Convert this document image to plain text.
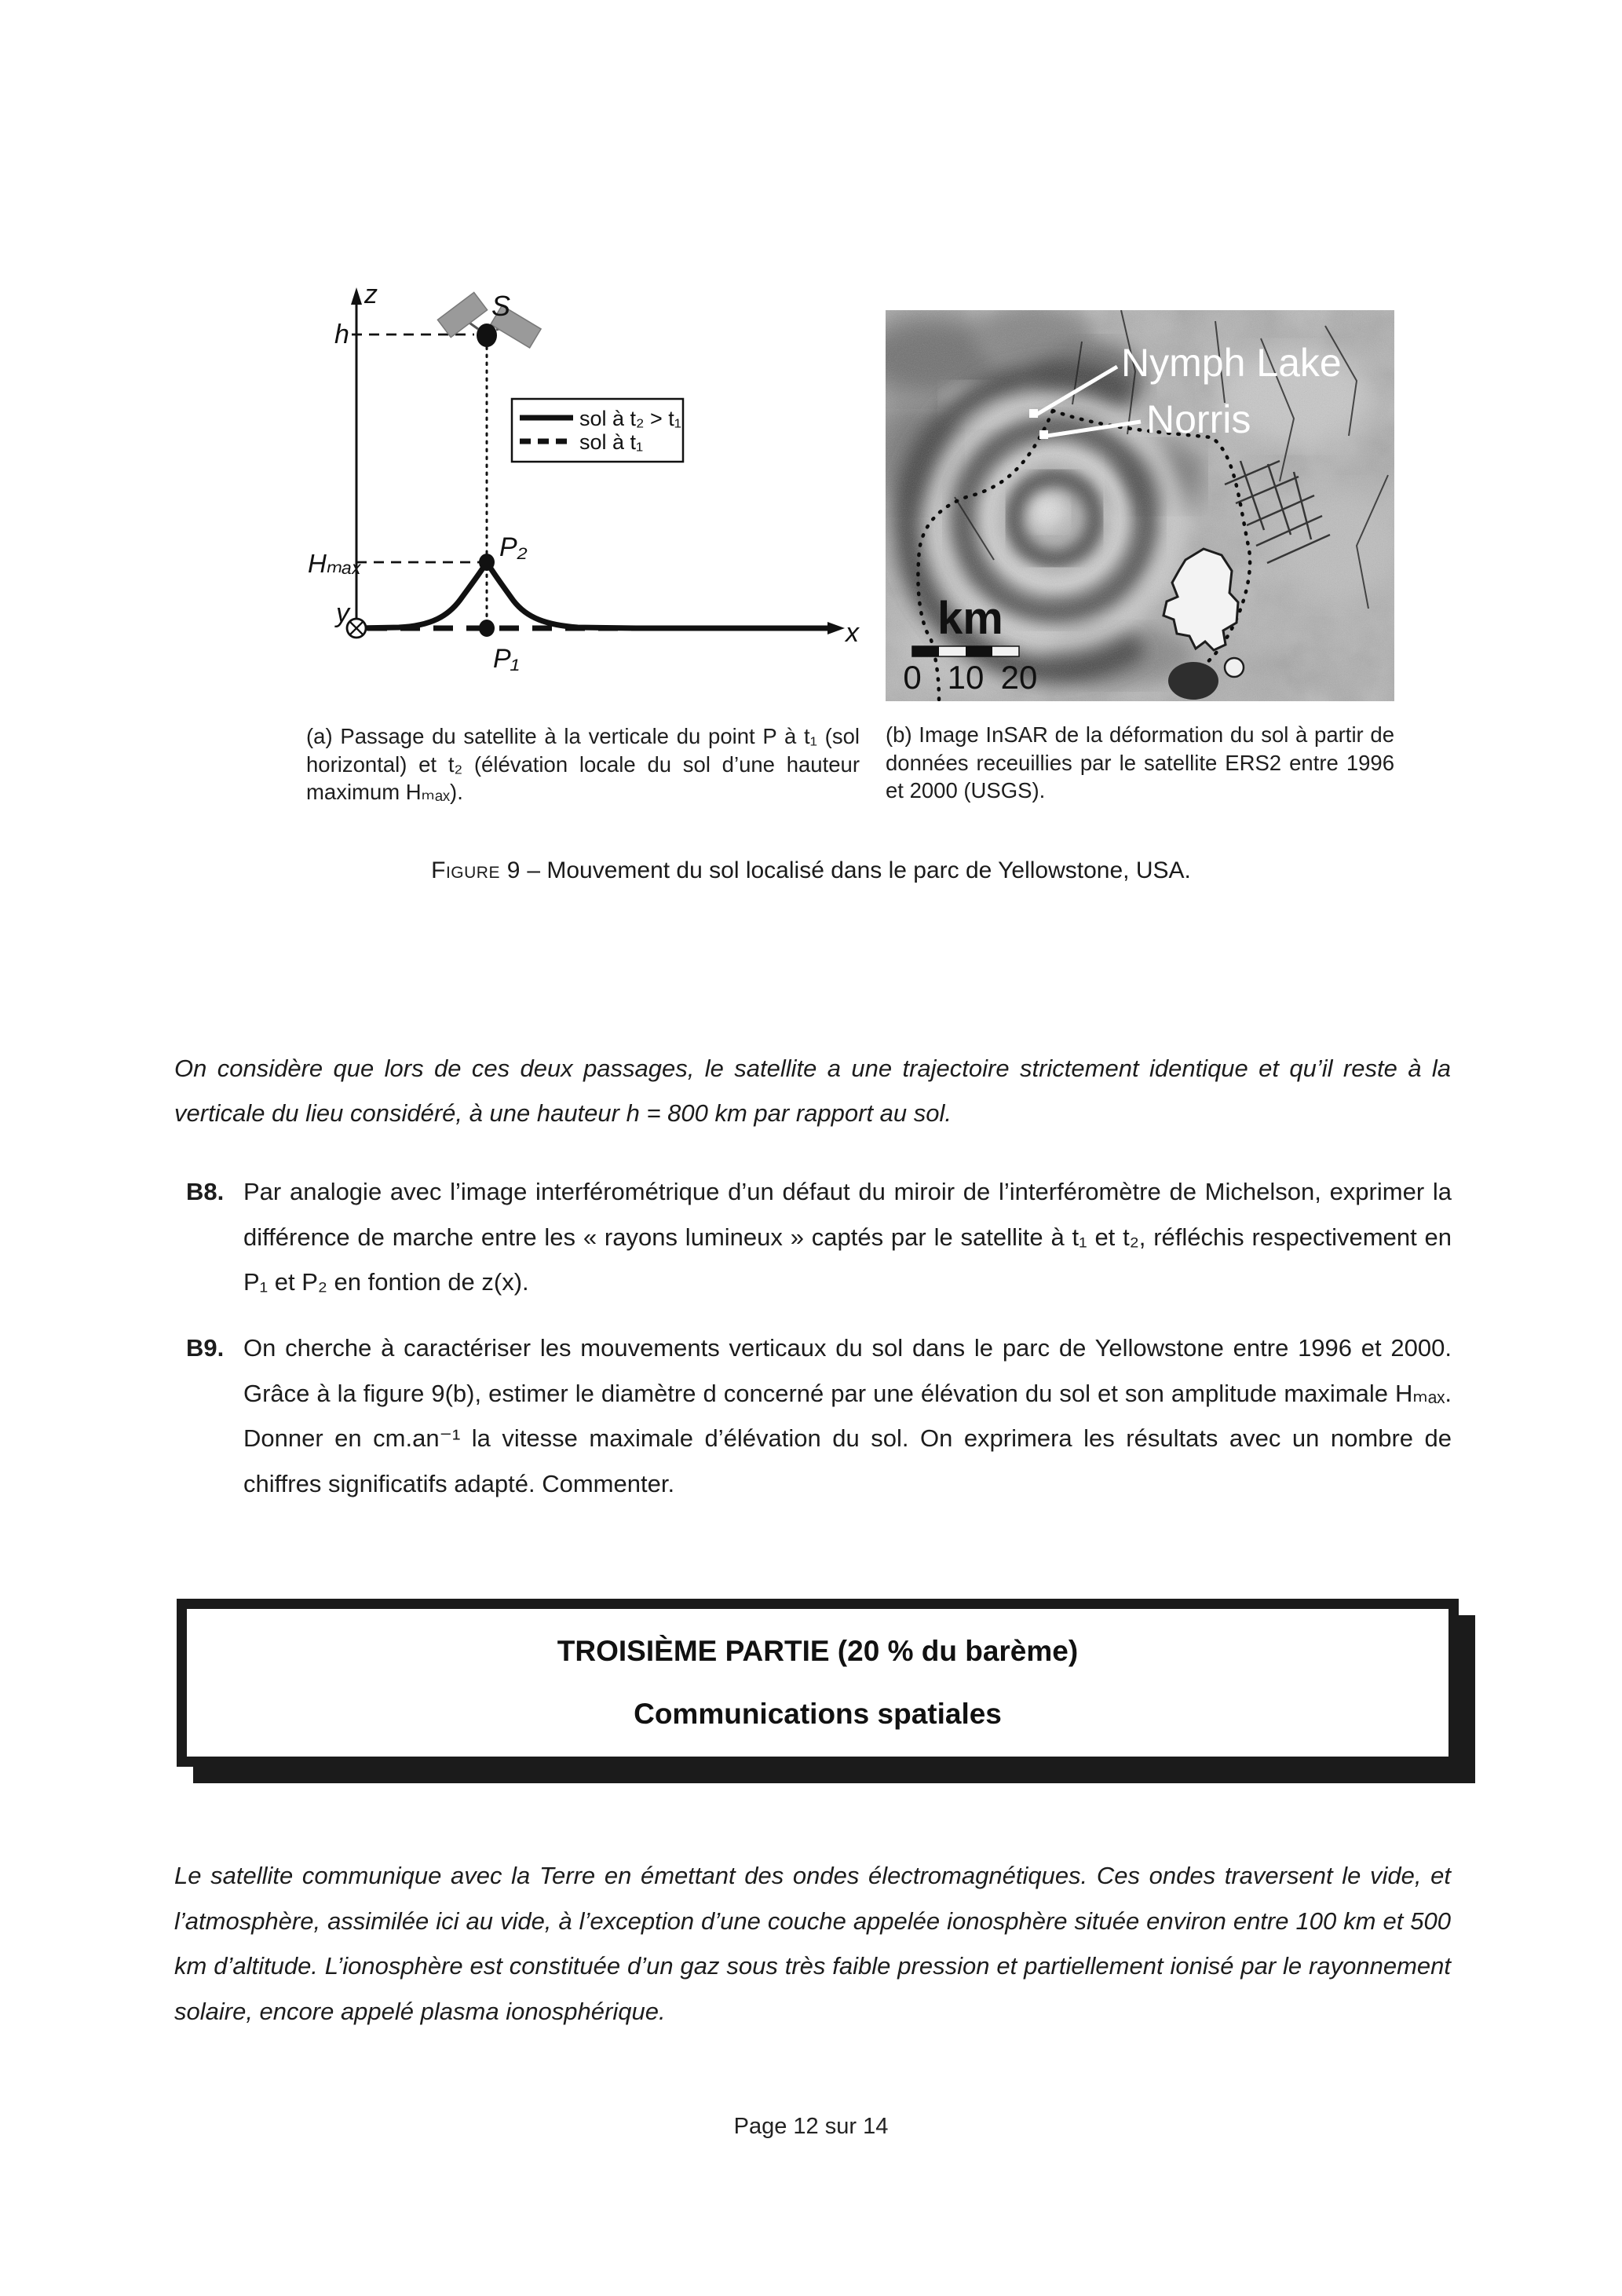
z
h
S
sol à t₂ > t₁
sol à t₁
Hₘₐₓ
x
P₂
P₁
y
(a) Passage du satellite à la verticale du point P à t₁ (sol horizontal) et t₂ (élévation locale du sol d’une hauteur maximum Hₘₐₓ).
Nymph Lake
Norris
km
0 10 20
(b) Image InSAR de la déformation du sol à partir de données receuillies par le satellite ERS2 entre 1996 et 2000 (USGS).
Figure 9 – Mouvement du sol localisé dans le parc de Yellowstone, USA.
On considère que lors de ces deux passages, le satellite a une trajectoire strictement identique et qu’il reste à la verticale du lieu considéré, à une hauteur h = 800 km par rapport au sol.
B8. Par analogie avec l’image interférométrique d’un défaut du miroir de l’interféromètre de Michelson, exprimer la différence de marche entre les « rayons lumineux » captés par le satellite à t₁ et t₂, réfléchis respectivement en P₁ et P₂ en fontion de z(x).
B9. On cherche à caractériser les mouvements verticaux du sol dans le parc de Yellowstone entre 1996 et 2000. Grâce à la figure 9(b), estimer le diamètre d concerné par une élévation du sol et son amplitude maximale Hₘₐₓ. Donner en cm.an⁻¹ la vitesse maximale d’élévation du sol. On exprimera les résultats avec un nombre de chiffres significatifs adapté. Commenter.
TROISIÈME PARTIE (20 % du barème)
Communications spatiales
Le satellite communique avec la Terre en émettant des ondes électromagnétiques. Ces ondes traversent le vide, et l’atmosphère, assimilée ici au vide, à l’exception d’une couche appelée ionosphère située environ entre 100 km et 500 km d’altitude. L’ionosphère est constituée d’un gaz sous très faible pression et partiellement ionisé par le rayonnement solaire, encore appelé plasma ionosphérique.
Page 12 sur 14
